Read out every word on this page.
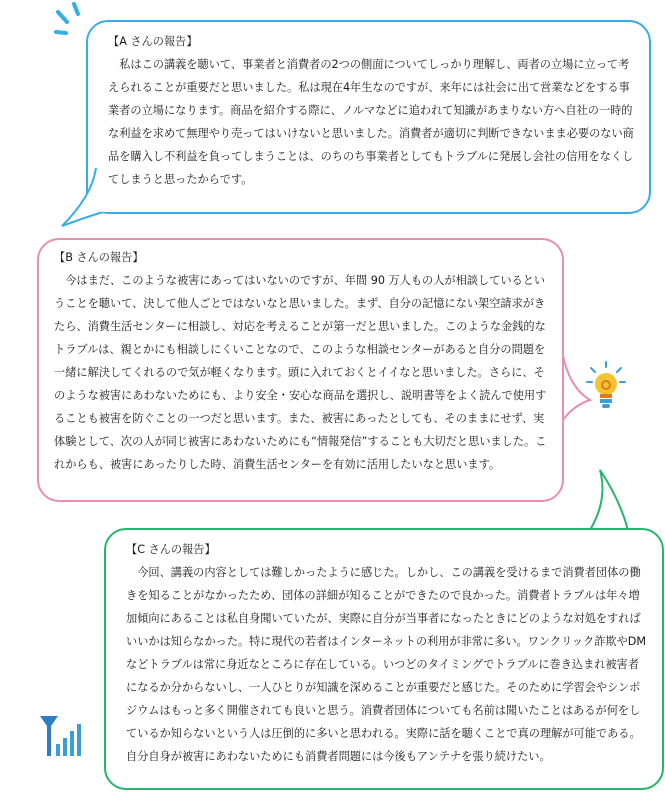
【A さんの報告】

私はこの講義を聴いて、事業者と消費者の2つの側面についてしっかり理解し、両者の立場に立って考えられることが重要だと思いました。私は現在4年生なのですが、来年には社会に出て営業などをする事業者の立場になります。商品を紹介する際に、ノルマなどに追われて知識があまりない方へ自社の一時的な利益を求めて無理やり売ってはいけないと思いました。消費者が適切に判断できないまま必要のない商品を購入し不利益を負ってしまうことは、のちのち事業者としてもトラブルに発展し会社の信用をなくしてしまうと思ったからです。

【B さんの報告】

今はまだ、このような被害にあってはいないのですが、年間 90 万人もの人が相談しているということを聴いて、決して他人ごとではないなと思いました。まず、自分の記憶にない架空請求がきたら、消費生活センターに相談し、対応を考えることが第一だと思いました。このような金銭的なトラブルは、親とかにも相談しにくいことなので、このような相談センターがあると自分の問題を一緒に解決してくれるので気が軽くなります。頭に入れておくとイイなと思いました。さらに、そのような被害にあわないためにも、より安全・安心な商品を選択し、説明書等をよく読んで使用することも被害を防ぐことの一つだと思います。また、被害にあったとしても、そのままにせず、実体験として、次の人が同じ被害にあわないためにも“情報発信”することも大切だと思いました。これからも、被害にあったりした時、消費生活センターを有効に活用したいなと思います。

【C さんの報告】

今回、講義の内容としては難しかったように感じた。しかし、この講義を受けるまで消費者団体の働きを知ることがなかったため、団体の詳細が知ることができたので良かった。消費者トラブルは年々増加傾向にあることは私自身聞いていたが、実際に自分が当事者になったときにどのような対処をすればいいかは知らなかった。特に現代の若者はインターネットの利用が非常に多い。ワンクリック詐欺やDMなどトラブルは常に身近なところに存在している。いつどのタイミングでトラブルに巻き込まれ被害者になるか分からないし、一人ひとりが知識を深めることが重要だと感じた。そのために学習会やシンポジウムはもっと多く開催されても良いと思う。消費者団体についても名前は聞いたことはあるが何をしているか知らないという人は圧倒的に多いと思われる。実際に話を聴くことで真の理解が可能である。自分自身が被害にあわないためにも消費者問題には今後もアンテナを張り続けたい。
